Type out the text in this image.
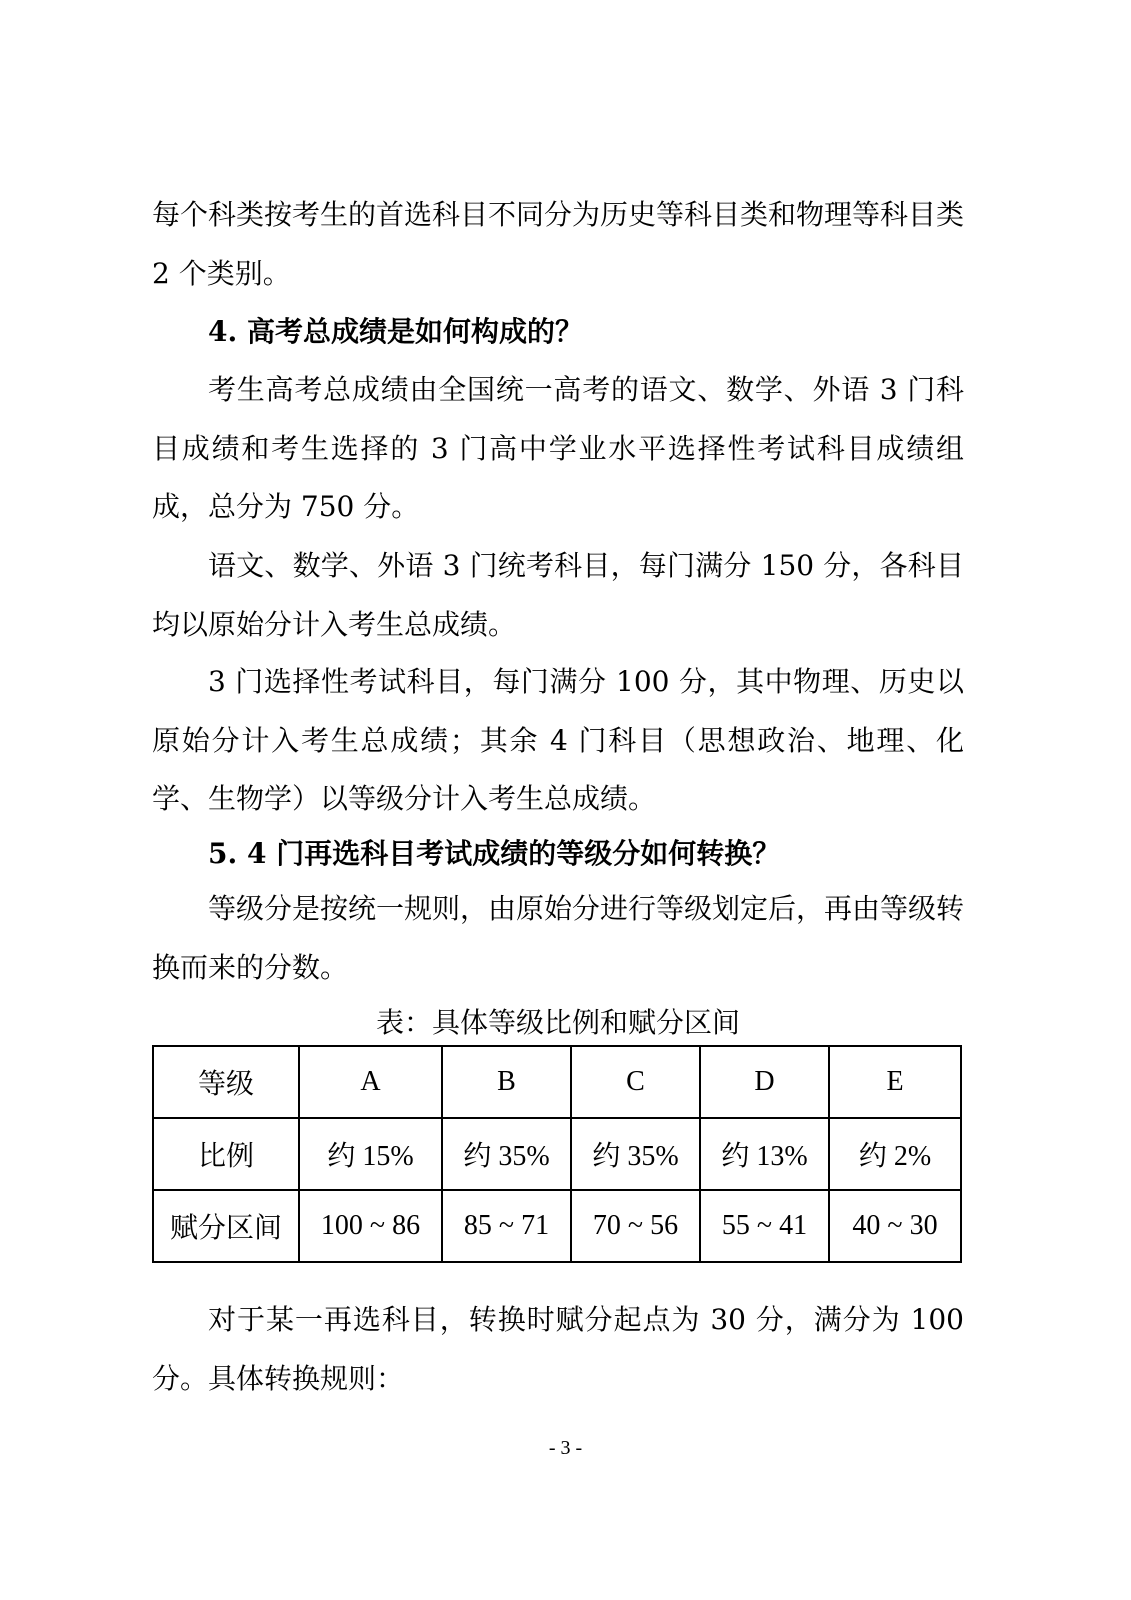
每个科类按考生的首选科目不同分为历史等科目类和物理等科目类 2 个类别。

4. 高考总成绩是如何构成的？

考生高考总成绩由全国统一高考的语文、数学、外语 3 门科目成绩和考生选择的 3 门高中学业水平选择性考试科目成绩组成，总分为 750 分。

语文、数学、外语 3 门统考科目，每门满分 150 分，各科目均以原始分计入考生总成绩。

3 门选择性考试科目，每门满分 100 分，其中物理、历史以原始分计入考生总成绩；其余 4 门科目（思想政治、地理、化学、生物学）以等级分计入考生总成绩。

5. 4 门再选科目考试成绩的等级分如何转换？

等级分是按统一规则，由原始分进行等级划定后，再由等级转换而来的分数。

表：具体等级比例和赋分区间

等级	A	B	C	D	E
比例	约 15%	约 35%	约 35%	约 13%	约 2%
赋分区间	100 ~ 86	85 ~ 71	70 ~ 56	55 ~ 41	40 ~ 30

对于某一再选科目，转换时赋分起点为 30 分，满分为 100 分。具体转换规则：

- 3 -
